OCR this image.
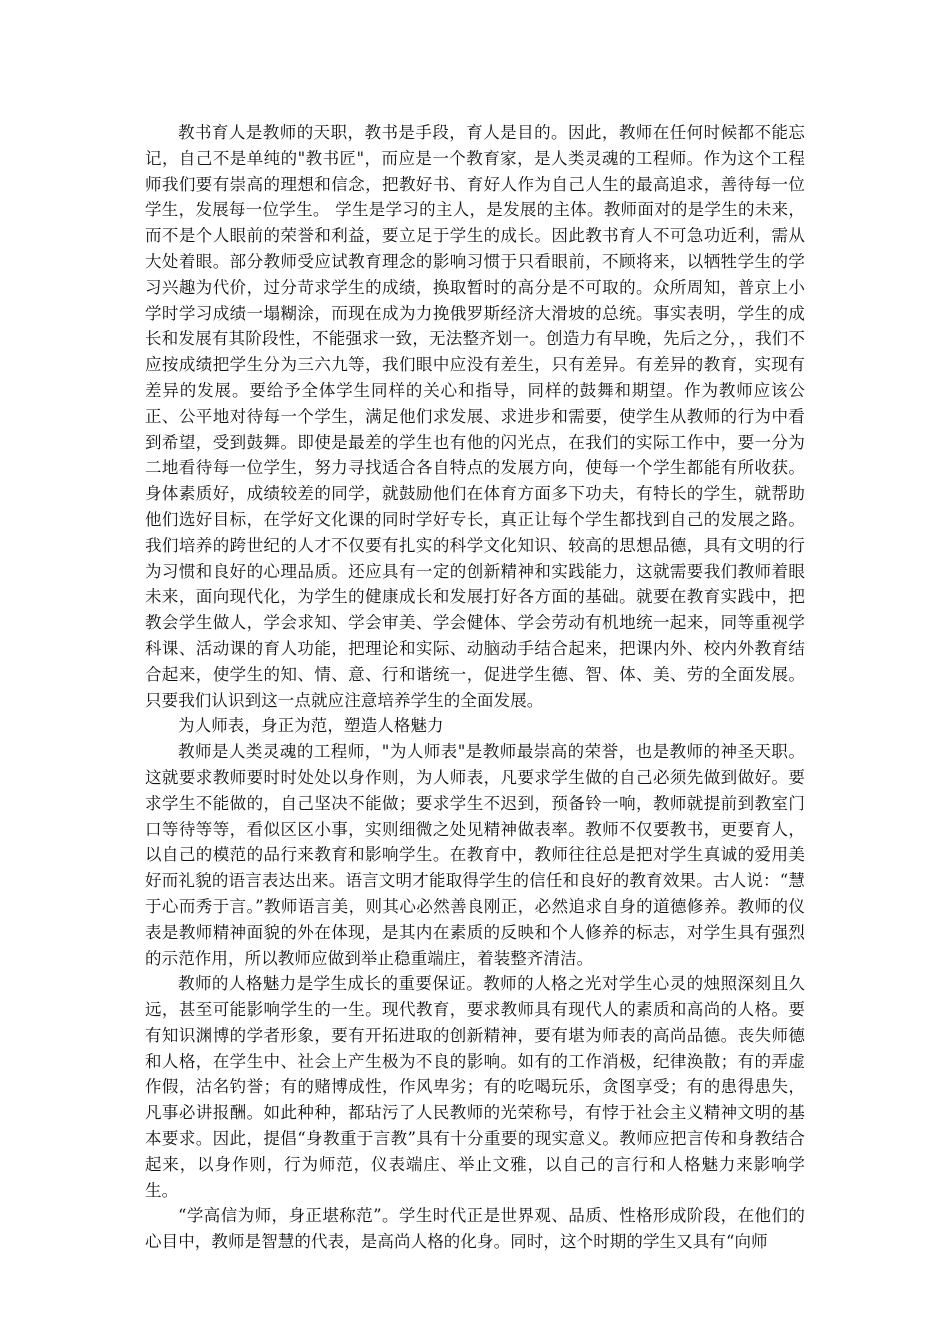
教书育人是教师的天职，教书是手段，育人是目的。因此，教师在任何时候都不能忘记，自己不是单纯的"教书匠"，而应是一个教育家，是人类灵魂的工程师。作为这个工程师我们要有崇高的理想和信念，把教好书、育好人作为自己人生的最高追求，善待每一位学生，发展每一位学生。 学生是学习的主人，是发展的主体。教师面对的是学生的未来，而不是个人眼前的荣誉和利益，要立足于学生的成长。因此教书育人不可急功近利，需从大处着眼。部分教师受应试教育理念的影响习惯于只看眼前，不顾将来，以牺牲学生的学习兴趣为代价，过分苛求学生的成绩，换取暂时的高分是不可取的。众所周知，普京上小学时学习成绩一塌糊涂，而现在成为力挽俄罗斯经济大滑坡的总统。事实表明，学生的成长和发展有其阶段性，不能强求一致，无法整齐划一。创造力有早晚，先后之分，，我们不应按成绩把学生分为三六九等，我们眼中应没有差生，只有差异。有差异的教育，实现有差异的发展。要给予全体学生同样的关心和指导，同样的鼓舞和期望。作为教师应该公正、公平地对待每一个学生，满足他们求发展、求进步和需要，使学生从教师的行为中看到希望，受到鼓舞。即使是最差的学生也有他的闪光点，在我们的实际工作中，要一分为二地看待每一位学生，努力寻找适合各自特点的发展方向，使每一个学生都能有所收获。身体素质好，成绩较差的同学，就鼓励他们在体育方面多下功夫，有特长的学生，就帮助他们选好目标，在学好文化课的同时学好专长，真正让每个学生都找到自己的发展之路。我们培养的跨世纪的人才不仅要有扎实的科学文化知识、较高的思想品德，具有文明的行为习惯和良好的心理品质。还应具有一定的创新精神和实践能力，这就需要我们教师着眼未来，面向现代化，为学生的健康成长和发展打好各方面的基础。就要在教育实践中，把教会学生做人，学会求知、学会审美、学会健体、学会劳动有机地统一起来，同等重视学科课、活动课的育人功能，把理论和实际、动脑动手结合起来，把课内外、校内外教育结合起来，使学生的知、情、意、行和谐统一，促进学生德、智、体、美、劳的全面发展。只要我们认识到这一点就应注意培养学生的全面发展。

为人师表，身正为范，塑造人格魅力

教师是人类灵魂的工程师，"为人师表"是教师最崇高的荣誉，也是教师的神圣天职。这就要求教师要时时处处以身作则，为人师表，凡要求学生做的自己必须先做到做好。要求学生不能做的，自己坚决不能做；要求学生不迟到，预备铃一响，教师就提前到教室门口等待等等，看似区区小事，实则细微之处见精神做表率。教师不仅要教书，更要育人，以自己的模范的品行来教育和影响学生。在教育中，教师往往总是把对学生真诚的爱用美好而礼貌的语言表达出来。语言文明才能取得学生的信任和良好的教育效果。古人说：“慧于心而秀于言。”教师语言美，则其心必然善良刚正，必然追求自身的道德修养。教师的仪表是教师精神面貌的外在体现，是其内在素质的反映和个人修养的标志，对学生具有强烈的示范作用，所以教师应做到举止稳重端庄，着装整齐清洁。

教师的人格魅力是学生成长的重要保证。教师的人格之光对学生心灵的烛照深刻且久远，甚至可能影响学生的一生。现代教育，要求教师具有现代人的素质和高尚的人格。要有知识渊博的学者形象，要有开拓进取的创新精神，要有堪为师表的高尚品德。丧失师德和人格，在学生中、社会上产生极为不良的影响。如有的工作消极，纪律涣散；有的弄虚作假，沽名钓誉；有的赌博成性，作风卑劣；有的吃喝玩乐，贪图享受；有的患得患失，凡事必讲报酬。如此种种，都玷污了人民教师的光荣称号，有悖于社会主义精神文明的基本要求。因此，提倡“身教重于言教”具有十分重要的现实意义。教师应把言传和身教结合起来，以身作则，行为师范，仪表端庄、举止文雅，以自己的言行和人格魅力来影响学生。

“学高信为师，身正堪称范”。学生时代正是世界观、品质、性格形成阶段，在他们的心目中，教师是智慧的代表，是高尚人格的化身。同时，这个时期的学生又具有“向师
